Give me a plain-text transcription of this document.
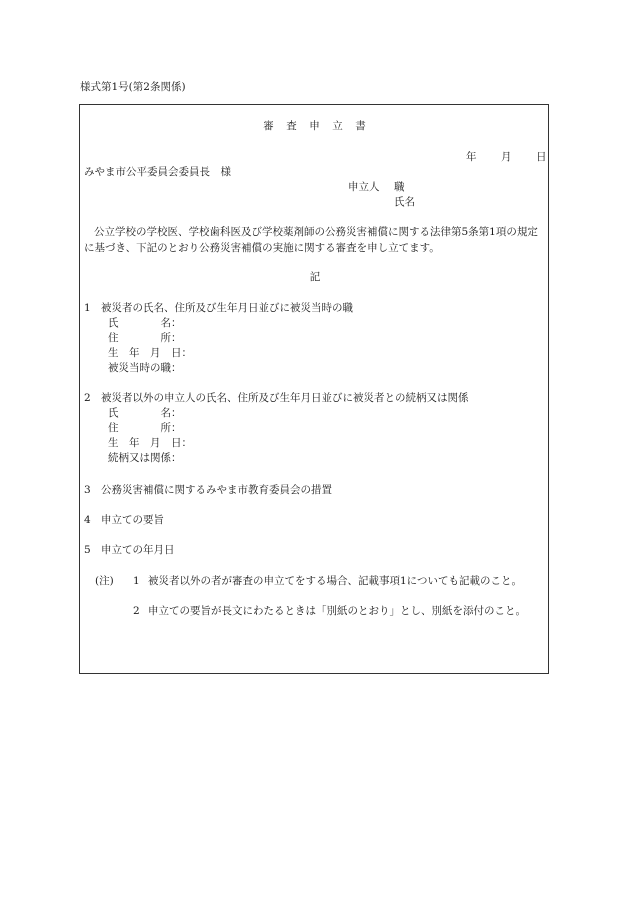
様式第1号(第2条関係)
審　査　申　立　書
年 月 日
みやま市公平委員会委員長　様
申立人 職
氏名
公立学校の学校医、学校歯科医及び学校薬剤師の公務災害補償に関する法律第5条第1項の規定に基づき、下記のとおり公務災害補償の実施に関する審査を申し立てます。
記
1 被災者の氏名、住所及び生年月日並びに被災当時の職
氏　　　　名：
住　　　　所：
生　年　月　日：
被災当時の職：
2 被災者以外の申立人の氏名、住所及び生年月日並びに被災者との続柄又は関係
氏　　　　名：
住　　　　所：
生　年　月　日：
続柄又は関係：
3 公務災害補償に関するみやま市教育委員会の措置
4 申立ての要旨
5 申立ての年月日
(注) 1 被災者以外の者が審査の申立てをする場合、記載事項1についても記載のこと。
2 申立ての要旨が長文にわたるときは「別紙のとおり」とし、別紙を添付のこと。
